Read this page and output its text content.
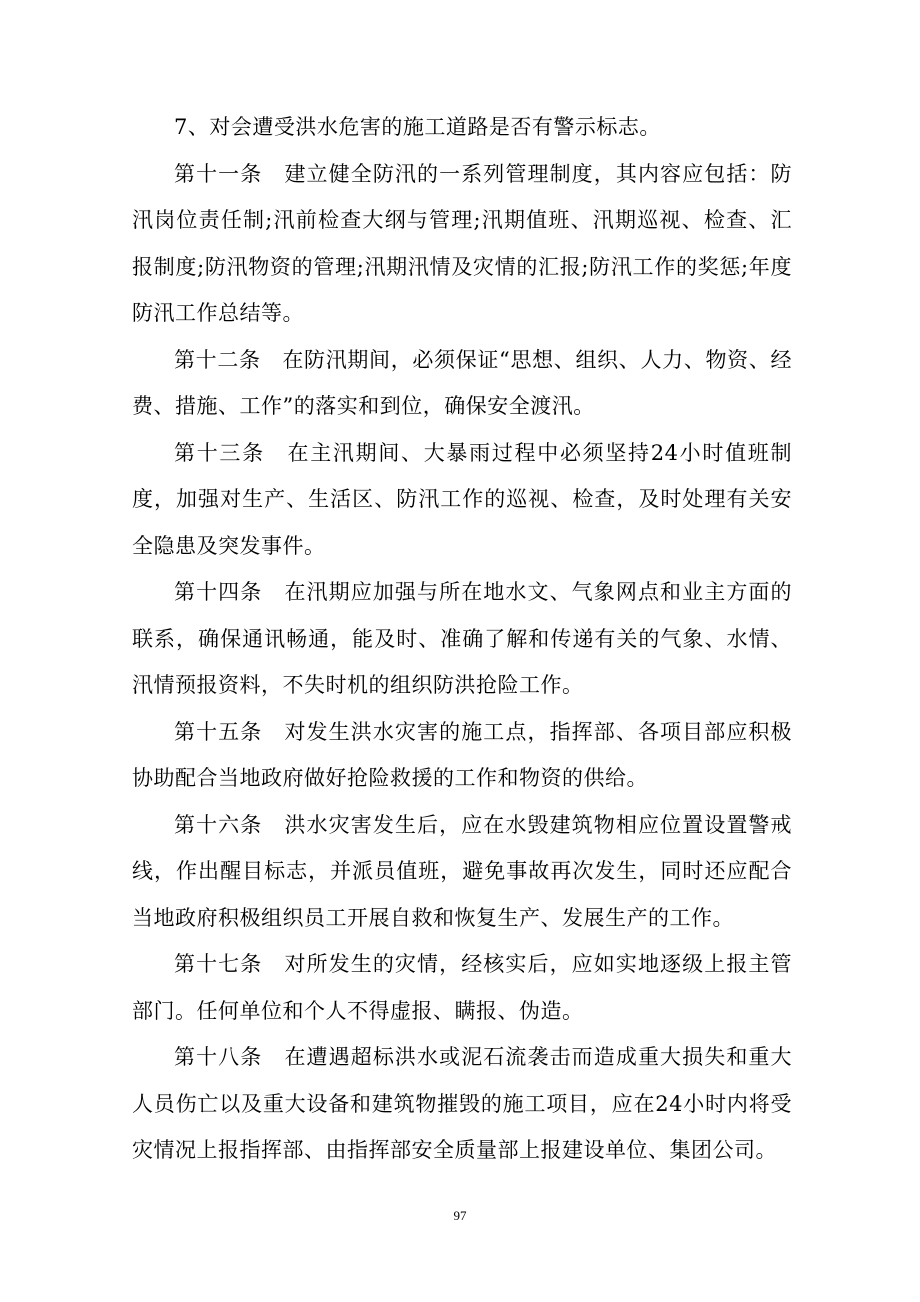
7、对会遭受洪水危害的施工道路是否有警示标志。

第十一条　建立健全防汛的一系列管理制度，其内容应包括：防汛岗位责任制;汛前检查大纲与管理;汛期值班、汛期巡视、检查、汇报制度;防汛物资的管理;汛期汛情及灾情的汇报;防汛工作的奖惩;年度防汛工作总结等。

第十二条　在防汛期间，必须保证“思想、组织、人力、物资、经费、措施、工作”的落实和到位，确保安全渡汛。

第十三条　在主汛期间、大暴雨过程中必须坚持24小时值班制度，加强对生产、生活区、防汛工作的巡视、检查，及时处理有关安全隐患及突发事件。

第十四条　在汛期应加强与所在地水文、气象网点和业主方面的联系，确保通讯畅通，能及时、准确了解和传递有关的气象、水情、汛情预报资料，不失时机的组织防洪抢险工作。

第十五条　对发生洪水灾害的施工点，指挥部、各项目部应积极协助配合当地政府做好抢险救援的工作和物资的供给。

第十六条　洪水灾害发生后，应在水毁建筑物相应位置设置警戒线，作出醒目标志，并派员值班，避免事故再次发生，同时还应配合当地政府积极组织员工开展自救和恢复生产、发展生产的工作。

第十七条　对所发生的灾情，经核实后，应如实地逐级上报主管部门。任何单位和个人不得虚报、瞒报、伪造。

第十八条　在遭遇超标洪水或泥石流袭击而造成重大损失和重大人员伤亡以及重大设备和建筑物摧毁的施工项目，应在24小时内将受灾情况上报指挥部、由指挥部安全质量部上报建设单位、集团公司。

97
